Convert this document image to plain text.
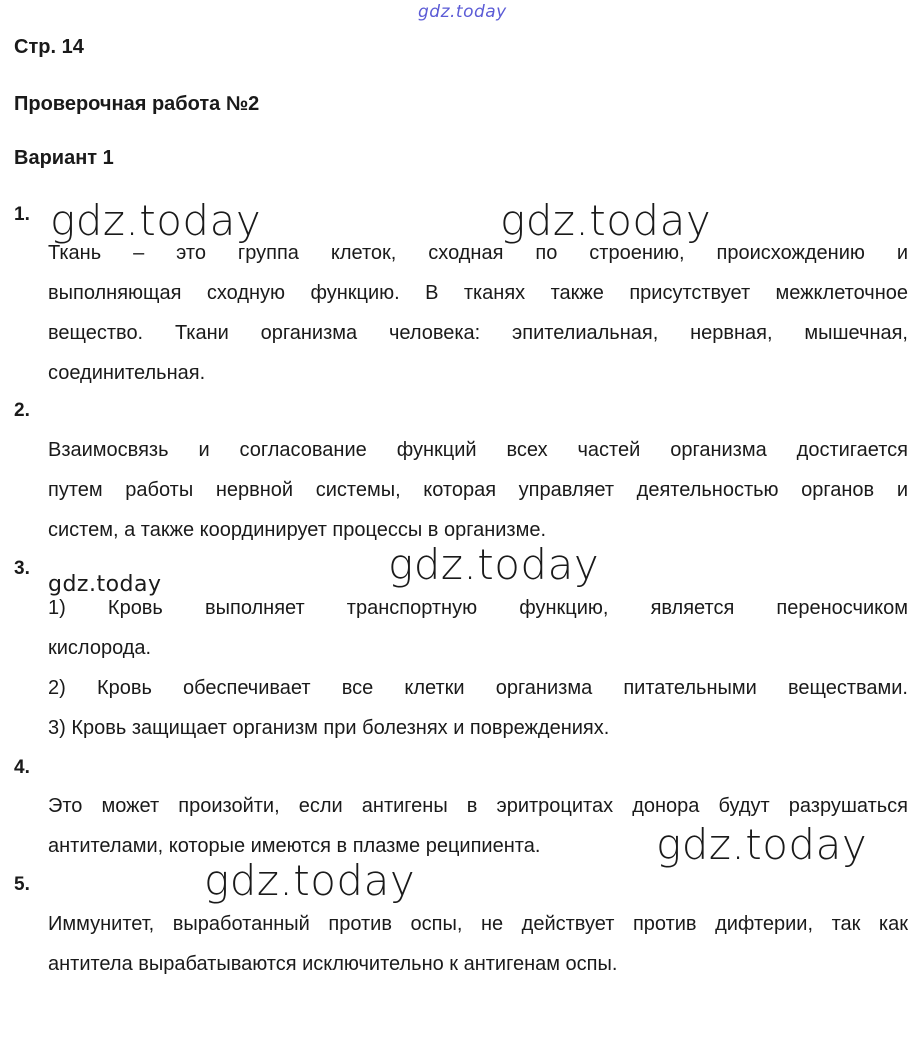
gdz.today
gdz.today	gdz.today
gdz.today
gdz.today
gdz.today
gdz.today
Стр. 14
Проверочная работа №2
Вариант 1
1.
Ткань – это группа клеток, сходная по строению, происхождению и
выполняющая сходную функцию. В тканях также присутствует межклеточное
вещество. Ткани организма человека: эпителиальная, нервная, мышечная,
соединительная.
2.
Взаимосвязь и согласование функций всех частей организма достигается
путем работы нервной системы, которая управляет деятельностью органов и
систем, а также координирует процессы в организме.
3.
1) Кровь выполняет транспортную функцию, является переносчиком
кислорода.
2) Кровь обеспечивает все клетки организма питательными веществами.
3) Кровь защищает организм при болезнях и повреждениях.
4.
Это может произойти, если антигены в эритроцитах донора будут разрушаться
антителами, которые имеются в плазме реципиента.
5.
Иммунитет, выработанный против оспы, не действует против дифтерии, так как
антитела вырабатываются исключительно к антигенам оспы.
